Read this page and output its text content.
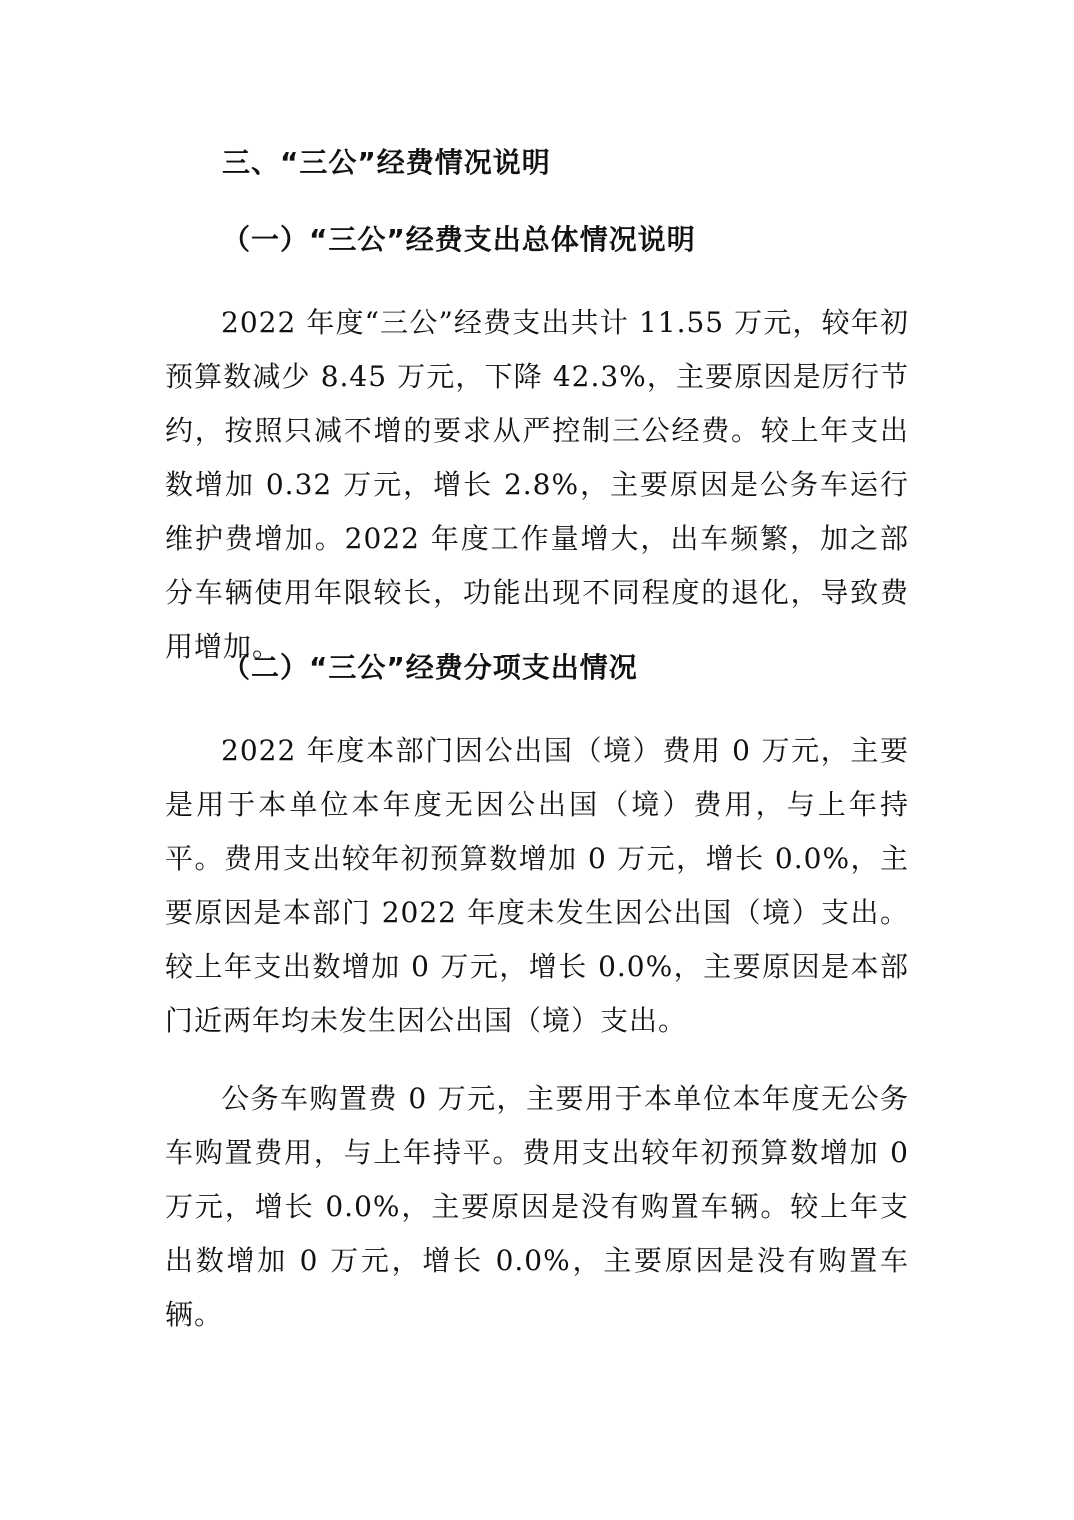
三、“三公”经费情况说明
（一）“三公”经费支出总体情况说明

2022 年度“三公”经费支出共计 11.55 万元，较年初预算数减少 8.45 万元，下降 42.3%，主要原因是厉行节约，按照只减不增的要求从严控制三公经费。较上年支出数增加 0.32 万元，增长 2.8%，主要原因是公务车运行维护费增加。2022 年度工作量增大，出车频繁，加之部分车辆使用年限较长，功能出现不同程度的退化，导致费用增加。

（二）“三公”经费分项支出情况

2022 年度本部门因公出国（境）费用 0 万元，主要是用于本单位本年度无因公出国（境）费用，与上年持平。费用支出较年初预算数增加 0 万元，增长 0.0%，主要原因是本部门 2022 年度未发生因公出国（境）支出。较上年支出数增加 0 万元，增长 0.0%，主要原因是本部门近两年均未发生因公出国（境）支出。

公务车购置费 0 万元，主要用于本单位本年度无公务车购置费用，与上年持平。费用支出较年初预算数增加 0 万元，增长 0.0%，主要原因是没有购置车辆。较上年支出数增加 0 万元，增长 0.0%，主要原因是没有购置车辆。
